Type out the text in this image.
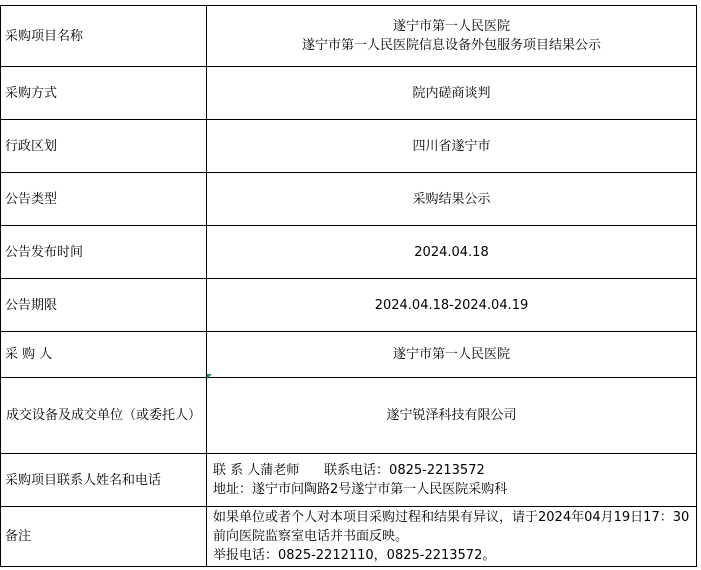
采购项目名称	遂宁市第一人民医院
遂宁市第一人民医院信息设备外包服务项目结果公示

采购方式	院内磋商谈判
行政区划	四川省遂宁市
公告类型	采购结果公示
公告发布时间	2024.04.18
公告期限	2024.04.18-2024.04.19
采 购 人	遂宁市第一人民医院
成交设备及成交单位（或委托人）	遂宁锐泽科技有限公司
采购项目联系人姓名和电话	联 系 人蒲老师      联系电话：0825-2213572
地址：遂宁市问陶路2号遂宁市第一人民医院采购科

备注	如果单位或者个人对本项目采购过程和结果有异议，请于2024年04月19日17：30前向医院监察室电话并书面反映。
举报电话：0825-2212110，0825-2213572。
